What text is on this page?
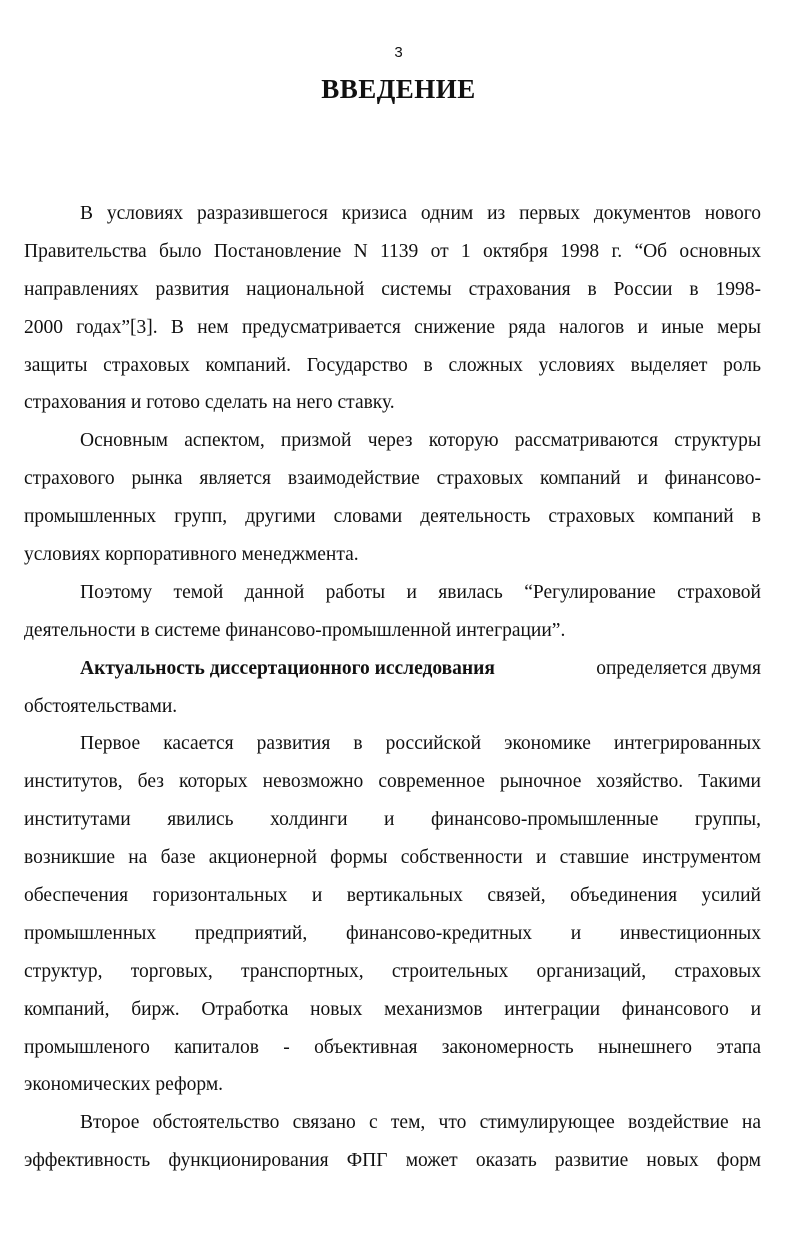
3
ВВЕДЕНИЕ
В условиях разразившегося кризиса одним из первых документов нового
Правительства было Постановление N 1139 от 1 октября 1998 г. “Об основных
направлениях развития национальной системы страхования в России в 1998-
2000 годах”[3]. В нем предусматривается снижение ряда налогов и иные меры
защиты страховых компаний. Государство в сложных условиях выделяет роль
страхования и готово сделать на него ставку.
Основным аспектом, призмой через которую рассматриваются структуры
страхового рынка является взаимодействие страховых компаний и финансово-
промышленных групп, другими словами деятельность страховых компаний в
условиях корпоративного менеджмента.
Поэтому темой данной работы и явилась “Регулирование страховой
деятельности в системе финансово-промышленной интеграции”.
Актуальность диссертационного исследования	определяется двумя
обстоятельствами.
Первое касается развития в российской экономике интегрированных
институтов, без которых невозможно современное рыночное хозяйство. Такими
институтами явились холдинги и финансово-промышленные группы,
возникшие на базе акционерной формы собственности и ставшие инструментом
обеспечения горизонтальных и вертикальных связей, объединения усилий
промышленных предприятий, финансово-кредитных и инвестиционных
структур, торговых, транспортных, строительных организаций, страховых
компаний, бирж. Отработка новых механизмов интеграции финансового и
промышленого капиталов - объективная закономерность нынешнего этапа
экономических реформ.
Второе обстоятельство связано с тем, что стимулирующее воздействие на
эффективность функционирования ФПГ может оказать развитие новых форм
